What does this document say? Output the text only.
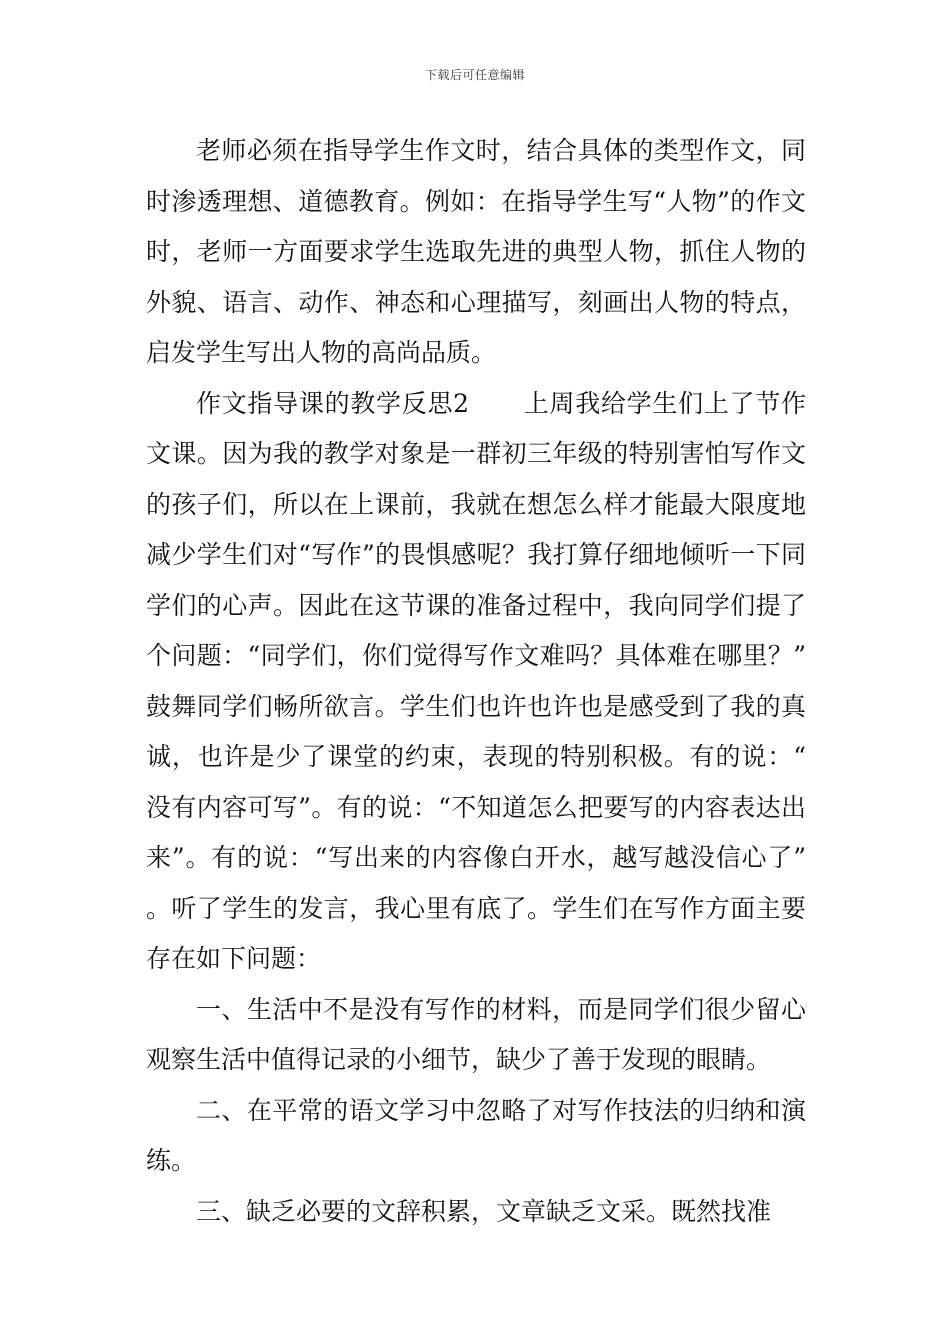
下载后可任意编辑

老师必须在指导学生作文时，结合具体的类型作文，同时渗透理想、道德教育。例如：在指导学生写“人物”的作文时，老师一方面要求学生选取先进的典型人物，抓住人物的外貌、语言、动作、神态和心理描写，刻画出人物的特点，启发学生写出人物的高尚品质。

作文指导课的教学反思2 上周我给学生们上了节作文课。因为我的教学对象是一群初三年级的特别害怕写作文的孩子们，所以在上课前，我就在想怎么样才能最大限度地减少学生们对“写作”的畏惧感呢？我打算仔细地倾听一下同学们的心声。因此在这节课的准备过程中，我向同学们提了个问题：“同学们，你们觉得写作文难吗？具体难在哪里？”鼓舞同学们畅所欲言。学生们也许也许也是感受到了我的真诚，也许是少了课堂的约束，表现的特别积极。有的说：“没有内容可写”。有的说：“不知道怎么把要写的内容表达出来”。有的说：“写出来的内容像白开水，越写越没信心了”。听了学生的发言，我心里有底了。学生们在写作方面主要存在如下问题：

一、生活中不是没有写作的材料，而是同学们很少留心观察生活中值得记录的小细节，缺少了善于发现的眼睛。

二、在平常的语文学习中忽略了对写作技法的归纳和演练。

三、缺乏必要的文辞积累，文章缺乏文采。既然找准
